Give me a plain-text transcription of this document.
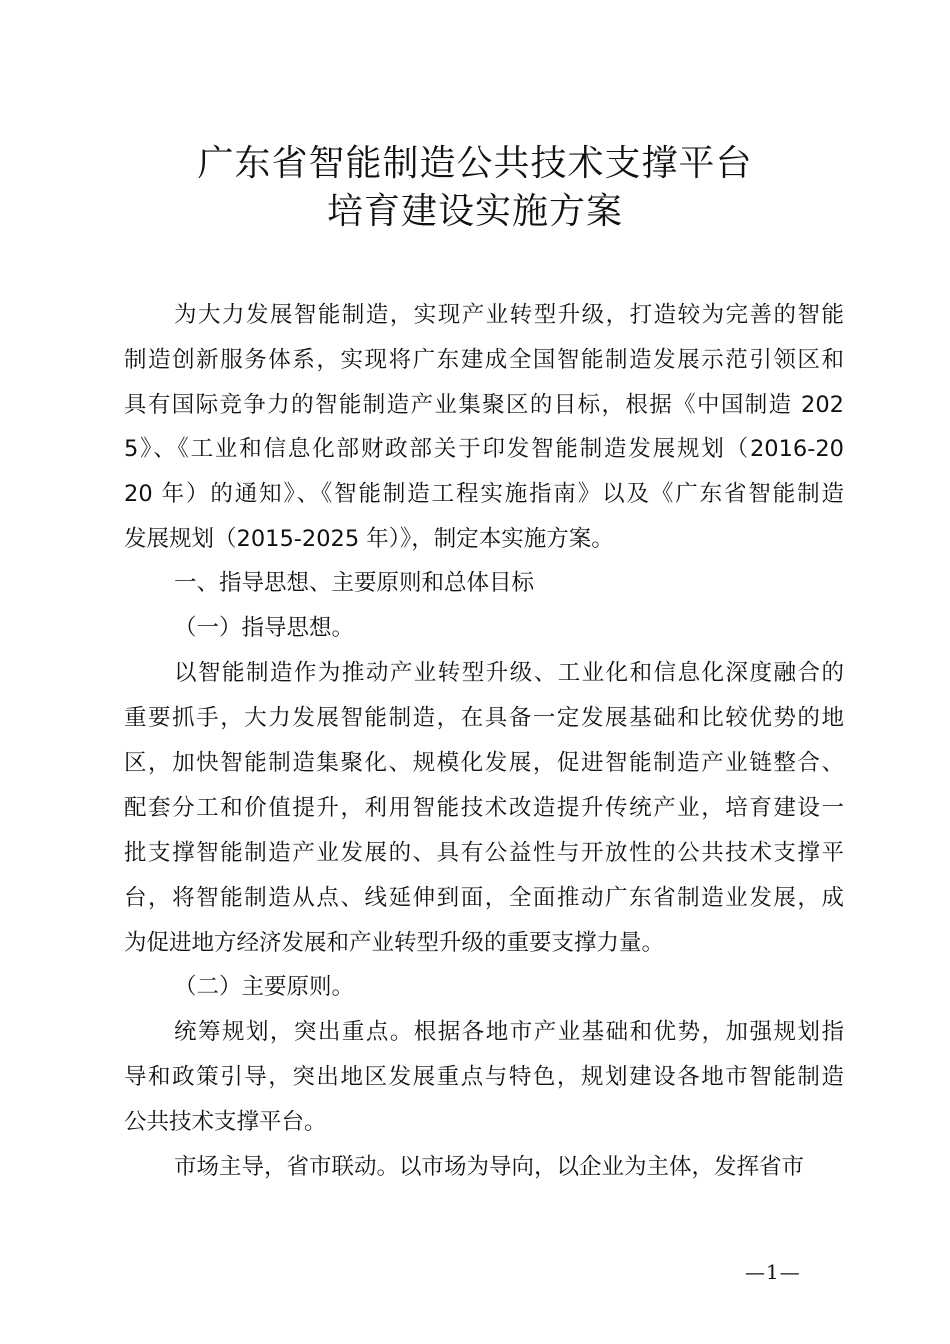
广东省智能制造公共技术支撑平台
培育建设实施方案
为大力发展智能制造，实现产业转型升级，打造较为完善的智能
制造创新服务体系，实现将广东建成全国智能制造发展示范引领区和
具有国际竞争力的智能制造产业集聚区的目标，根据《中国制造 202
5》、《工业和信息化部财政部关于印发智能制造发展规划（2016-20
20 年）的通知》、《智能制造工程实施指南》以及《广东省智能制造
发展规划（2015-2025 年）》，制定本实施方案。
一、指导思想、主要原则和总体目标
（一）指导思想。
以智能制造作为推动产业转型升级、工业化和信息化深度融合的
重要抓手，大力发展智能制造，在具备一定发展基础和比较优势的地
区，加快智能制造集聚化、规模化发展，促进智能制造产业链整合、
配套分工和价值提升，利用智能技术改造提升传统产业，培育建设一
批支撑智能制造产业发展的、具有公益性与开放性的公共技术支撑平
台，将智能制造从点、线延伸到面，全面推动广东省制造业发展，成
为促进地方经济发展和产业转型升级的重要支撑力量。
（二）主要原则。
统筹规划，突出重点。根据各地市产业基础和优势，加强规划指
导和政策引导，突出地区发展重点与特色，规划建设各地市智能制造
公共技术支撑平台。
市场主导，省市联动。以市场为导向，以企业为主体，发挥省市
—1—
